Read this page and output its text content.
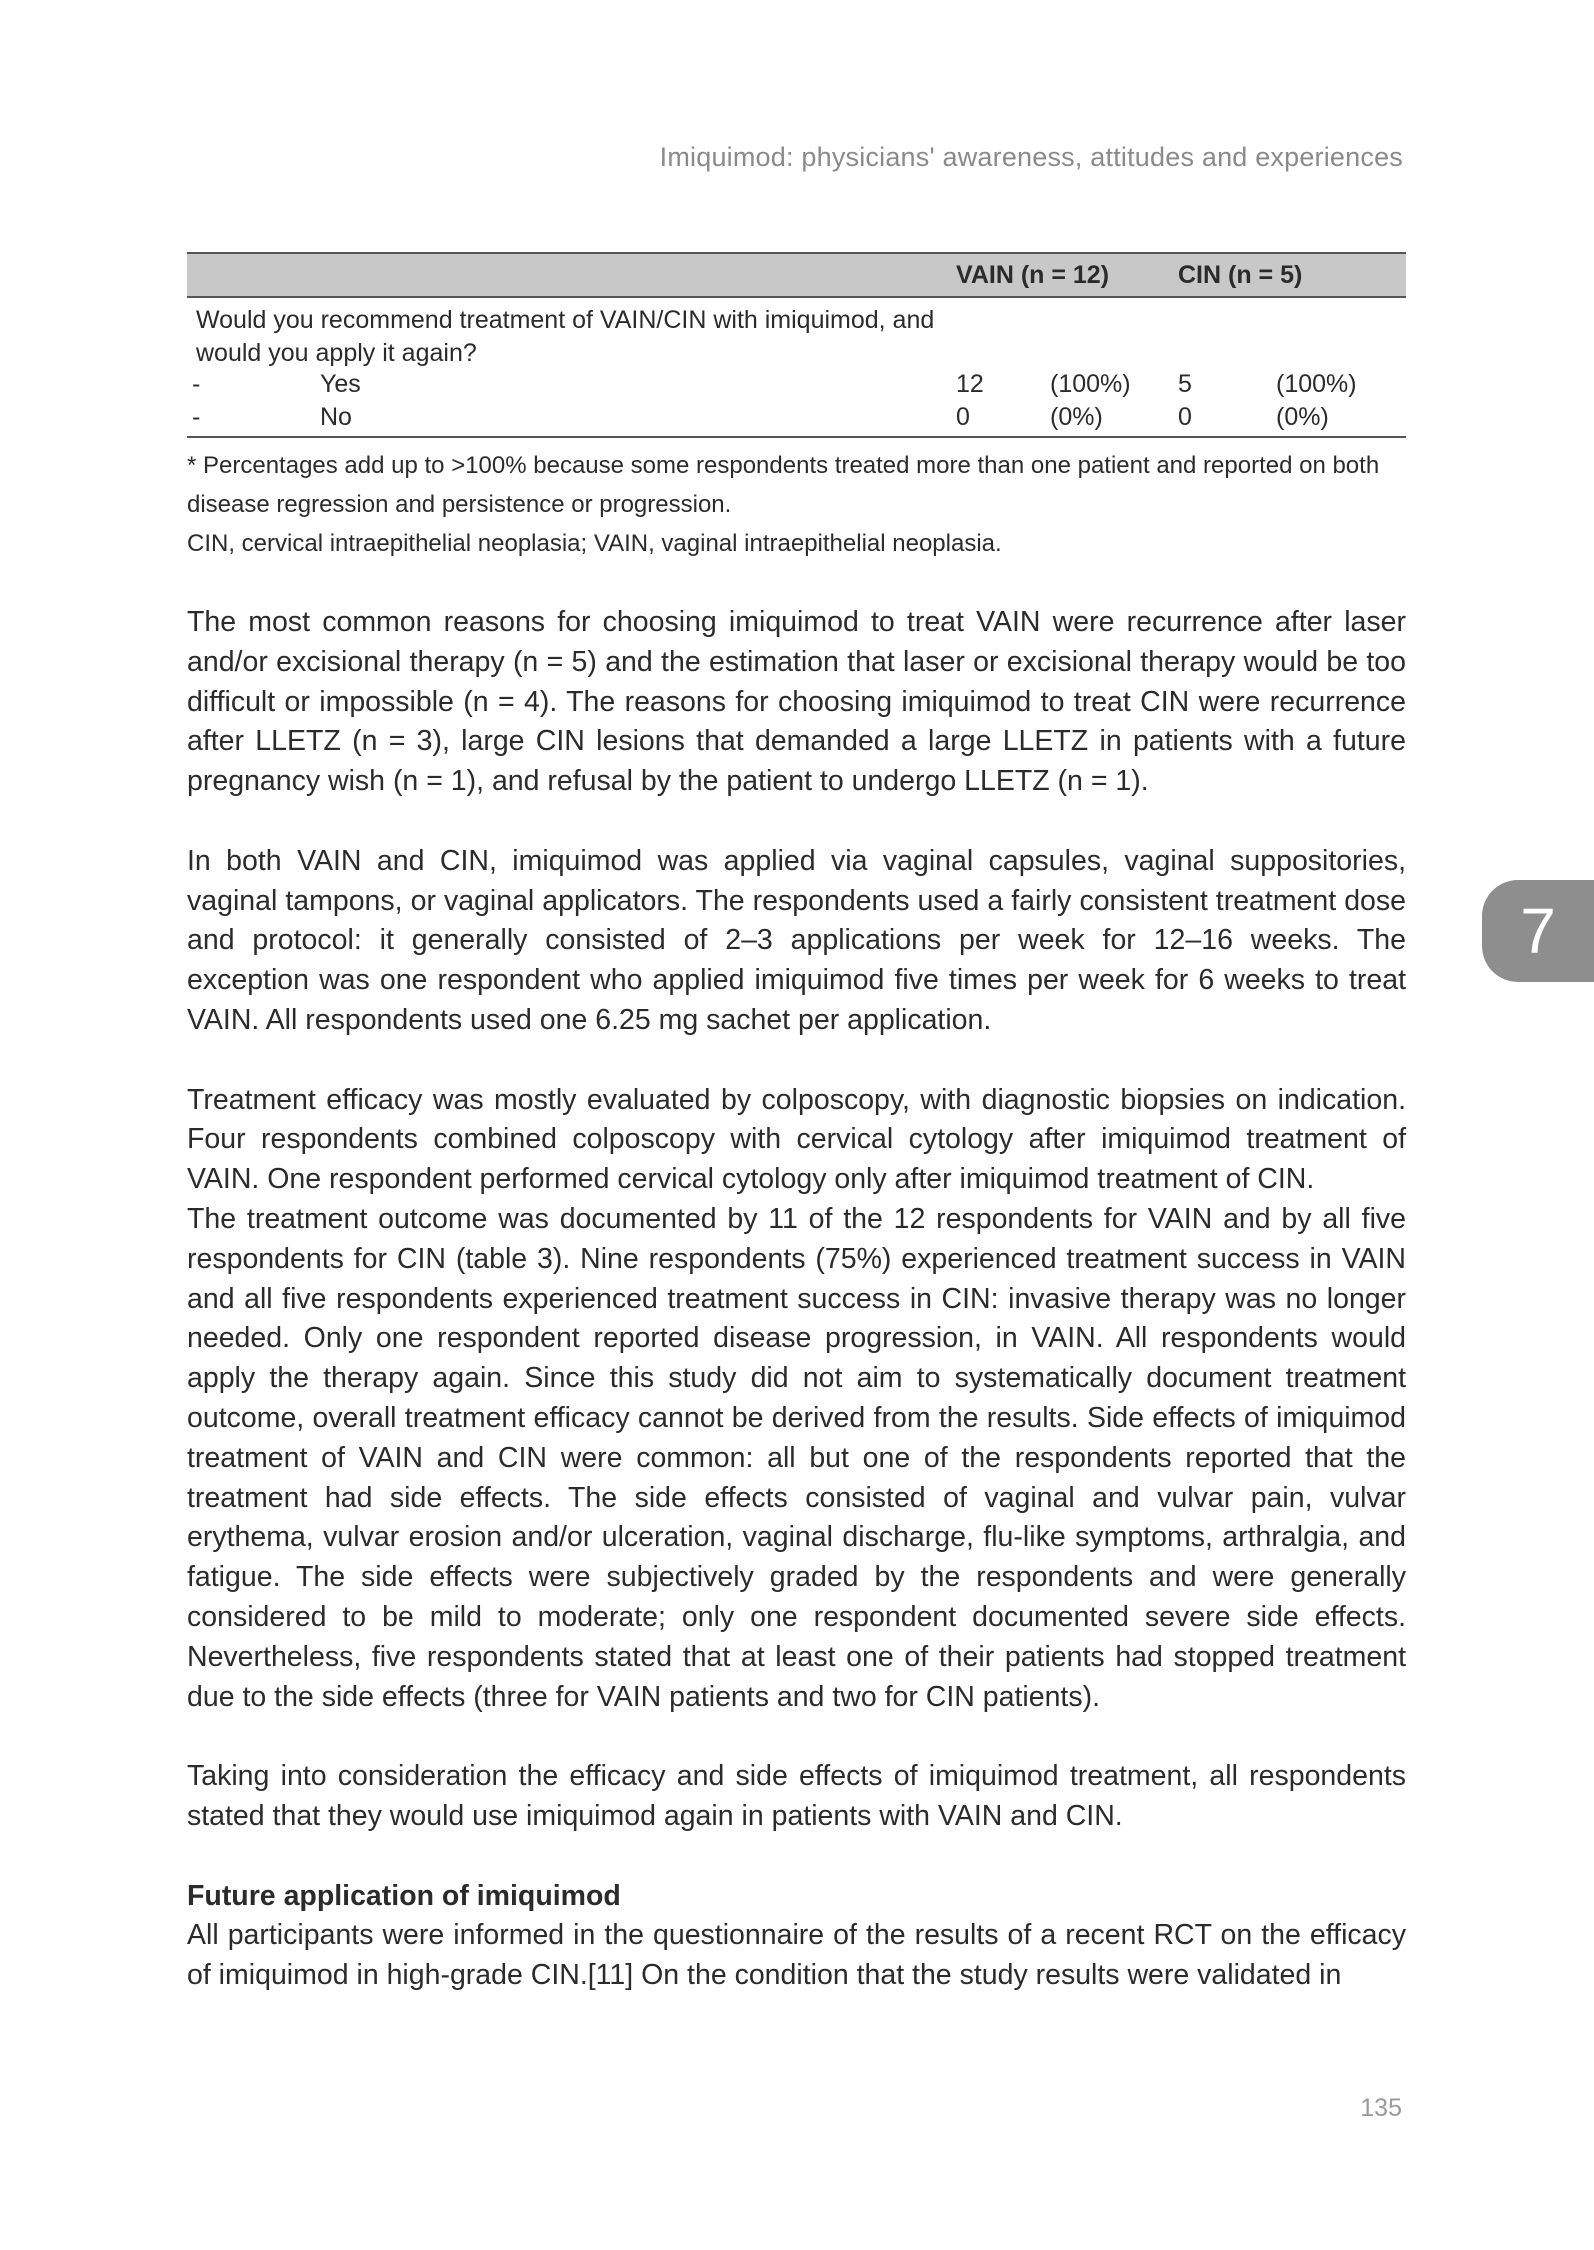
Imiquimod: physicians' awareness, attitudes and experiences
		VAIN (n = 12)		CIN (n = 5)	
Would you recommend treatment of VAIN/CIN with imiquimod, and would you apply it again?					
-	Yes	12	(100%)	5	(100%)
-	No	0	(0%)	0	(0%)

* Percentages add up to >100% because some respondents treated more than one patient and reported on both disease regression and persistence or progression.

CIN, cervical intraepithelial neoplasia; VAIN, vaginal intraepithelial neoplasia.

The most common reasons for choosing imiquimod to treat VAIN were recurrence after laser and/or excisional therapy (n = 5) and the estimation that laser or excisional therapy would be too difficult or impossible (n = 4). The reasons for choosing imiquimod to treat CIN were recurrence after LLETZ (n = 3), large CIN lesions that demanded a large LLETZ in patients with a future pregnancy wish (n = 1), and refusal by the patient to undergo LLETZ (n = 1).

In both VAIN and CIN, imiquimod was applied via vaginal capsules, vaginal suppositories, vaginal tampons, or vaginal applicators. The respondents used a fairly consistent treatment dose and protocol: it generally consisted of 2–3 applications per week for 12–16 weeks. The exception was one respondent who applied imiquimod five times per week for 6 weeks to treat VAIN. All respondents used one 6.25 mg sachet per application.

Treatment efficacy was mostly evaluated by colposcopy, with diagnostic biopsies on indication. Four respondents combined colposcopy with cervical cytology after imiquimod treatment of VAIN. One respondent performed cervical cytology only after imiquimod treatment of CIN.

The treatment outcome was documented by 11 of the 12 respondents for VAIN and by all five respondents for CIN (table 3). Nine respondents (75%) experienced treatment success in VAIN and all five respondents experienced treatment success in CIN: invasive therapy was no longer needed. Only one respondent reported disease progression, in VAIN. All respondents would apply the therapy again. Since this study did not aim to systematically document treatment outcome, overall treatment efficacy cannot be derived from the results. Side effects of imiquimod treatment of VAIN and CIN were common: all but one of the respondents reported that the treatment had side effects. The side effects consisted of vaginal and vulvar pain, vulvar erythema, vulvar erosion and/or ulceration, vaginal discharge, flu-like symptoms, arthralgia, and fatigue. The side effects were subjectively graded by the respondents and were generally considered to be mild to moderate; only one respondent documented severe side effects. Nevertheless, five respondents stated that at least one of their patients had stopped treatment due to the side effects (three for VAIN patients and two for CIN patients).

Taking into consideration the efficacy and side effects of imiquimod treatment, all respondents stated that they would use imiquimod again in patients with VAIN and CIN.

Future application of imiquimod

All participants were informed in the questionnaire of the results of a recent RCT on the efficacy of imiquimod in high-grade CIN.[11] On the condition that the study results were validated in

7
135
